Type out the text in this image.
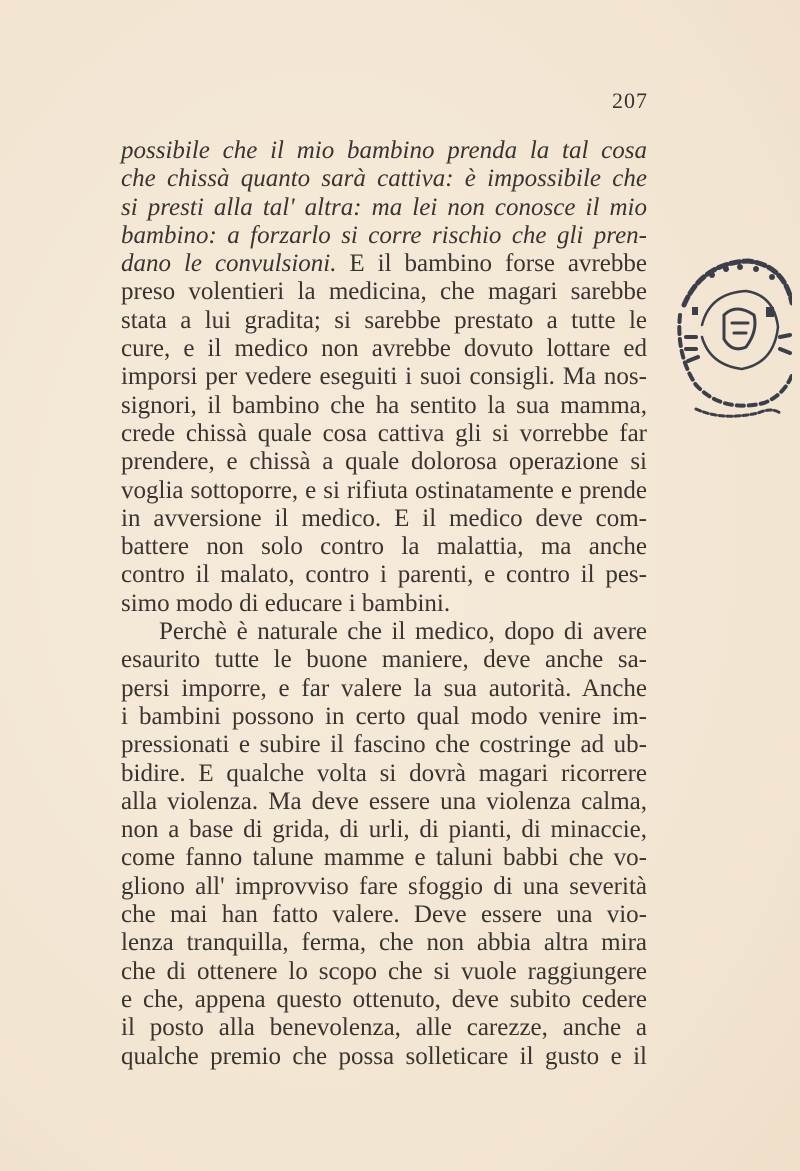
207
possibile che il mio bambino prenda la tal cosa
che chissà quanto sarà cattiva: è impossibile che
si presti alla tal' altra: ma lei non conosce il mio
bambino: a forzarlo si corre rischio che gli pren-
dano le convulsioni. E il bambino forse avrebbe
preso volentieri la medicina, che magari sarebbe
stata a lui gradita; si sarebbe prestato a tutte le
cure, e il medico non avrebbe dovuto lottare ed
imporsi per vedere eseguiti i suoi consigli. Ma nos-
signori, il bambino che ha sentito la sua mamma,
crede chissà quale cosa cattiva gli si vorrebbe far
prendere, e chissà a quale dolorosa operazione si
voglia sottoporre, e si rifiuta ostinatamente e prende
in avversione il medico. E il medico deve com-
battere non solo contro la malattia, ma anche
contro il malato, contro i parenti, e contro il pes-
simo modo di educare i bambini.
Perchè è naturale che il medico, dopo di avere
esaurito tutte le buone maniere, deve anche sa-
persi imporre, e far valere la sua autorità. Anche
i bambini possono in certo qual modo venire im-
pressionati e subire il fascino che costringe ad ub-
bidire. E qualche volta si dovrà magari ricorrere
alla violenza. Ma deve essere una violenza calma,
non a base di grida, di urli, di pianti, di minaccie,
come fanno talune mamme e taluni babbi che vo-
gliono all' improvviso fare sfoggio di una severità
che mai han fatto valere. Deve essere una vio-
lenza tranquilla, ferma, che non abbia altra mira
che di ottenere lo scopo che si vuole raggiungere
e che, appena questo ottenuto, deve subito cedere
il posto alla benevolenza, alle carezze, anche a
qualche premio che possa solleticare il gusto e il
